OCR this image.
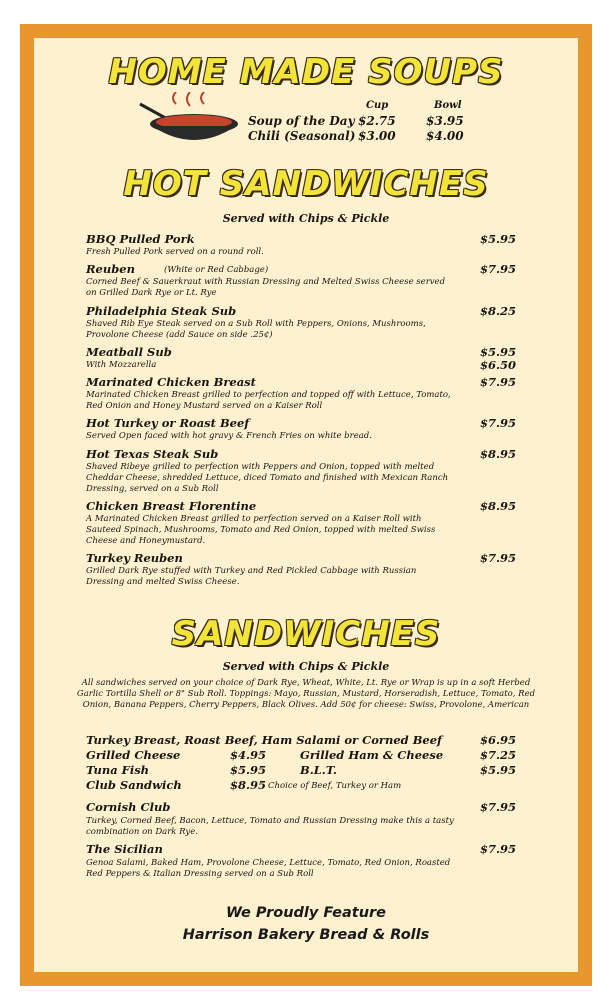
HOME MADE SOUPS
Cup	Bowl
Soup of the Day $2.75	$3.95
Chili (Seasonal) $3.00	$4.00
HOT SANDWICHES
Served with Chips & Pickle
BBQ Pulled Pork	$5.95
Fresh Pulled Pork served on a round roll.
Reuben	(White or Red Cabbage)	$7.95
Corned Beef & Sauerkraut with Russian Dressing and Melted Swiss Cheese served on Grilled Dark Rye or Lt. Rye
Philadelphia Steak Sub	$8.25
Shaved Rib Eye Steak served on a Sub Roll with Peppers, Onions, Mushrooms, Provolone Cheese (add Sauce on side .25¢)
Meatball Sub	$5.95
With Mozzarella	$6.50
Marinated Chicken Breast	$7.95
Marinated Chicken Breast grilled to perfection and topped off with Lettuce, Tomato, Red Onion and Honey Mustard served on a Kaiser Roll
Hot Turkey or Roast Beef	$7.95
Served Open faced with hot gravy & French Fries on white bread.
Hot Texas Steak Sub	$8.95
Shaved Ribeye grilled to perfection with Peppers and Onion, topped with melted Cheddar Cheese, shredded Lettuce, diced Tomato and finished with Mexican Ranch Dressing, served on a Sub Roll
Chicken Breast Florentine	$8.95
A Marinated Chicken Breast grilled to perfection served on a Kaiser Roll with Sauteed Spinach, Mushrooms, Tomato and Red Onion, topped with melted Swiss Cheese and Honeymustard.
Turkey Reuben	$7.95
Grilled Dark Rye stuffed with Turkey and Red Pickled Cabbage with Russian Dressing and melted Swiss Cheese.
SANDWICHES
Served with Chips & Pickle
All sandwiches served on your choice of Dark Rye, Wheat, White, Lt. Rye or Wrap is up in a soft Herbed Garlic Tortilla Shell or 8" Sub Roll. Toppings: Mayo, Russian, Mustard, Horseradish, Lettuce, Tomato, Red Onion, Banana Peppers, Cherry Peppers, Black Olives. Add 50¢ for cheese: Swiss, Provolone, American
Turkey Breast, Roast Beef, Ham Salami or Corned Beef	$6.95
Grilled Cheese	$4.95	Grilled Ham & Cheese	$7.25
Tuna Fish	$5.95	B.L.T.	$5.95
Club Sandwich	$8.95 Choice of Beef, Turkey or Ham
Cornish Club	$7.95
Turkey, Corned Beef, Bacon, Lettuce, Tomato and Russian Dressing make this a tasty combination on Dark Rye.
The Sicilian	$7.95
Genoa Salami, Baked Ham, Provolone Cheese, Lettuce, Tomato, Red Onion, Roasted Red Peppers & Italian Dressing served on a Sub Roll
We Proudly Feature
Harrison Bakery Bread & Rolls
